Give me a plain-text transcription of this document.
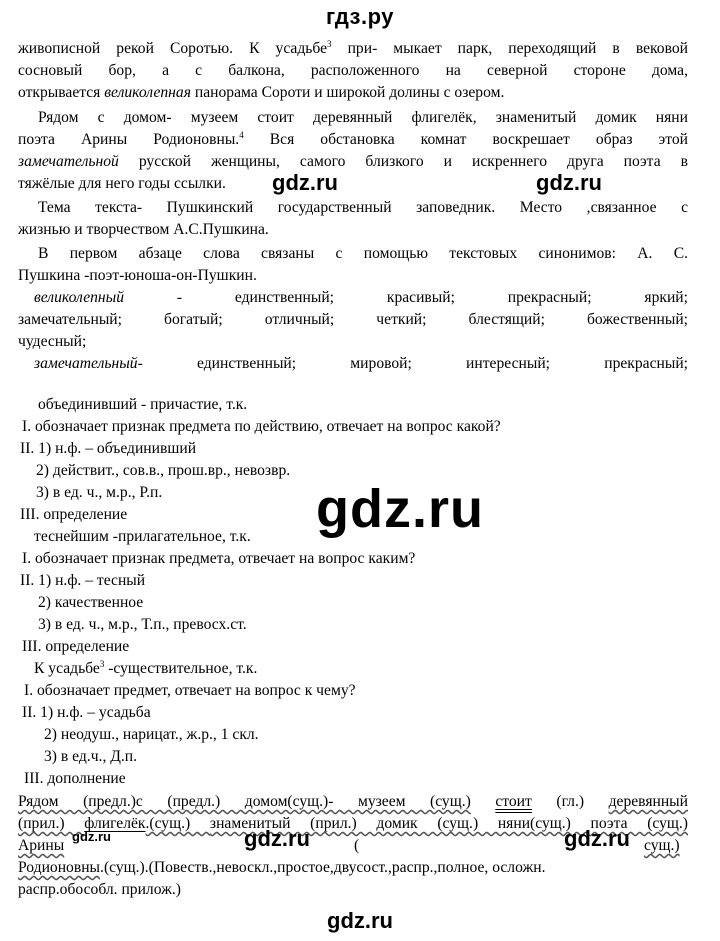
гдз.ру
живописной рекой Соротью. К усадьбе$^3$ при- мыкает парк, переходящий в вековой
сосновый бор, а с балкона, расположенного на северной стороне дома,
открывается великолепная панорама Сороти и широкой долины с озером.
Рядом с домом- музеем стоит деревянный флигелёк, знаменитый домик няни
поэта Арины Родионовны.$^4$ Вся обстановка комнат воскрешает образ этой
замечательной русской женщины, самого близкого и искреннего друга поэта в
тяжёлые для него годы ссылки.
Тема текста- Пушкинский государственный заповедник. Место ,связанное с
жизнью и творчеством А.С.Пушкина.
В первом абзаце слова связаны с помощью текстовых синонимов: А. С.
Пушкина -поэт-юноша-он-Пушкин.
великолепный - единственный; красивый; прекрасный; яркий;
замечательный; богатый; отличный; четкий; блестящий; божественный;
чудесный;
замечательный- единственный; мировой; интересный; прекрасный;
объединивший - причастие, т.к.
I. обозначает признак предмета по действию, отвечает на вопрос какой?
II. 1) н.ф. – объединивший
2) действит., сов.в., прош.вр., невозвр.
3) в ед. ч., м.р., Р.п.
III. определение
теснейшим -прилагательное, т.к.
I. обозначает признак предмета, отвечает на вопрос каким?
II. 1) н.ф. – тесный
2) качественное
3) в ед. ч., м.р., Т.п., превосх.ст.
III. определение
К усадьбе$^3$ -существительное, т.к.
I. обозначает предмет, отвечает на вопрос к чему?
II. 1) н.ф. – усадьба
2) неодуш., нарицат., ж.р., 1 скл.
3) в ед.ч., Д.п.
III. дополнение
Рядом (предл.)с (предл.) домом(сущ.)- музеем (сущ.) стоит (гл.) деревянный
(прил.) флигелёк.(сущ.) знаменитый (прил.) домик (сущ.) няни(сущ.) поэта (сущ.)
Арины	(	сущ.)
Родионовны.(сущ.).(Повеств.,невоскл.,простое,двусост.,распр.,полное, осложн.
распр.обособл. прилож.)
gdz.ru	gdz.ru
gdz.ru
gdz.ru	gdz.ru	gdz.ru
gdz.ru
